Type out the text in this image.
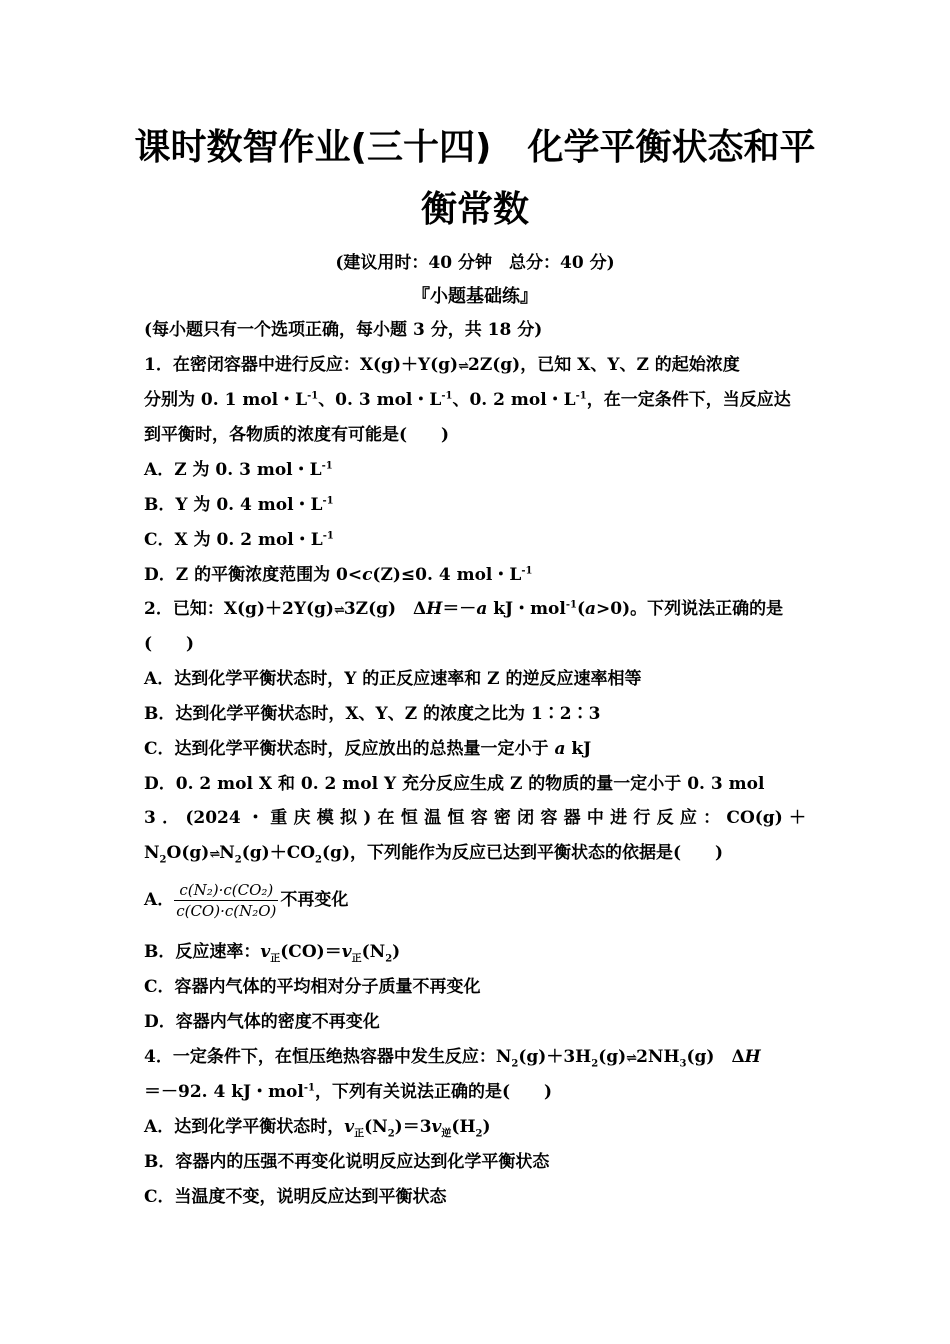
课时数智作业(三十四)　化学平衡状态和平
衡常数
(建议用时：40 分钟　总分：40 分)
『小题基础练』
(每小题只有一个选项正确，每小题 3 分，共 18 分)
1．在密闭容器中进行反应：X(g)＋Y(g)⇌2Z(g)，已知 X、Y、Z 的起始浓度
分别为 0. 1 mol・$L^{-1}$、0. 3 mol・$L^{-1}$、0. 2 mol・$L^{-1}$，在一定条件下，当反应达
到平衡时，各物质的浓度有可能是(　　)
A．Z 为 0. 3 mol・$L^{-1}$
B．Y 为 0. 4 mol・$L^{-1}$
C．X 为 0. 2 mol・$L^{-1}$
D．Z 的平衡浓度范围为 0<c(Z)≤0. 4 mol・$L^{-1}$
2．已知：X(g)＋2Y(g)⇌3Z(g)　ΔH＝－a kJ・mol$^{-1}$(a>0)。下列说法正确的是
(　　)
A．达到化学平衡状态时，Y 的正反应速率和 Z 的逆反应速率相等
B．达到化学平衡状态时，X、Y、Z 的浓度之比为 1∶2∶3
C．达到化学平衡状态时，反应放出的总热量一定小于 a kJ
D．0. 2 mol X 和 0. 2 mol Y 充分反应生成 Z 的物质的量一定小于 0. 3 mol
3．(2024・重庆模拟)在恒温恒容密闭容器中进行反应：CO(g)＋
$N_2O(g)\rightleftharpoons N_2(g)+CO_2(g)$，下列能作为反应已达到平衡状态的依据是(　　)
A． $\frac{\text{c(N₂)·c(CO₂)}}{\text{c(CO)·c(N₂O)}}$ 不再变化
B．反应速率：$v_正(CO)=v_正(N_2)$
C．容器内气体的平均相对分子质量不再变化
D．容器内气体的密度不再变化
4．一定条件下，在恒压绝热容器中发生反应：$N_2(g)+3H_2(g)\rightleftharpoons 2NH_3(g)$　ΔH
＝－92. 4 kJ・mol$^{-1}$，下列有关说法正确的是(　　)
A．达到化学平衡状态时，$v_正(N_2)=3v_逆(H_2)$
B．容器内的压强不再变化说明反应达到化学平衡状态
C．当温度不变，说明反应达到平衡状态
